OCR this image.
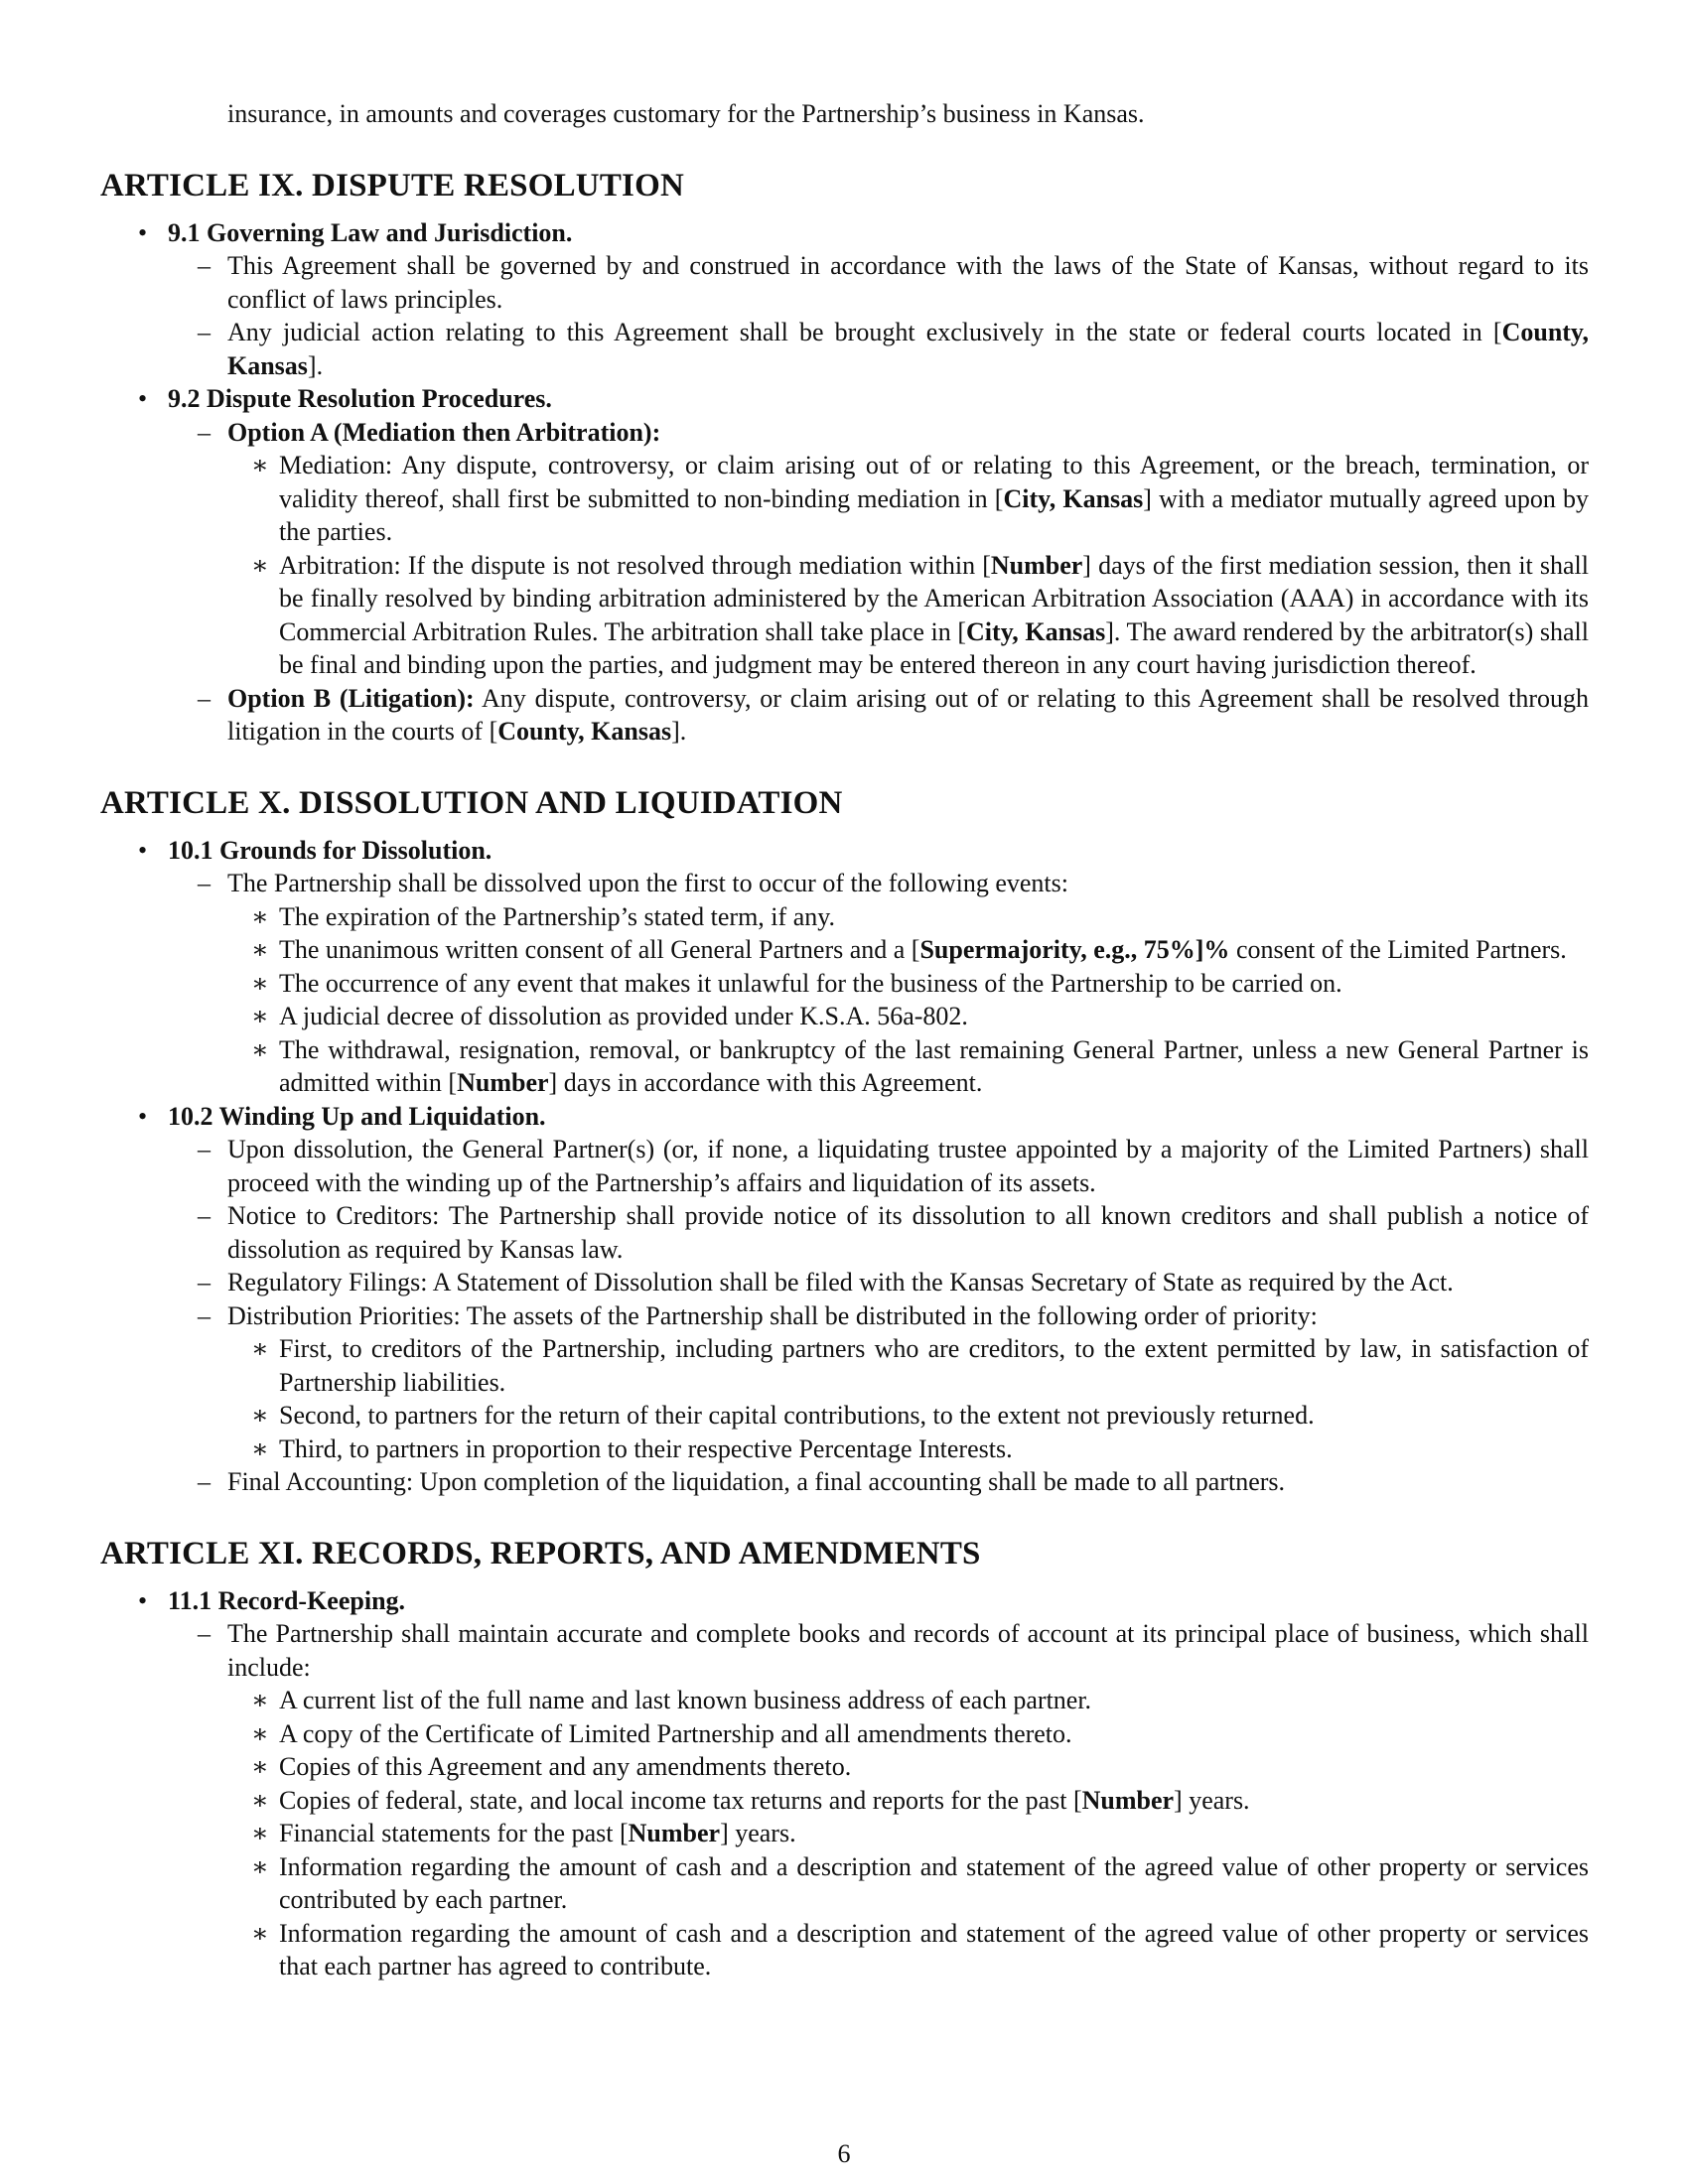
insurance, in amounts and coverages customary for the Partnership’s business in Kansas.

ARTICLE IX. DISPUTE RESOLUTION
• 9.1 Governing Law and Jurisdiction.
– This Agreement shall be governed by and construed in accordance with the laws of the State of Kansas, without regard to its conflict of laws principles.
– Any judicial action relating to this Agreement shall be brought exclusively in the state or federal courts located in [County, Kansas].
• 9.2 Dispute Resolution Procedures.
– Option A (Mediation then Arbitration):
∗ Mediation: Any dispute, controversy, or claim arising out of or relating to this Agreement, or the breach, termination, or validity thereof, shall first be submitted to non-binding mediation in [City, Kansas] with a mediator mutually agreed upon by the parties.
∗ Arbitration: If the dispute is not resolved through mediation within [Number] days of the first mediation session, then it shall be finally resolved by binding arbitration administered by the American Arbitration Association (AAA) in accordance with its Commercial Arbitration Rules. The arbitration shall take place in [City, Kansas]. The award rendered by the arbitrator(s) shall be final and binding upon the parties, and judgment may be entered thereon in any court having jurisdiction thereof.
– Option B (Litigation): Any dispute, controversy, or claim arising out of or relating to this Agreement shall be resolved through litigation in the courts of [County, Kansas].
ARTICLE X. DISSOLUTION AND LIQUIDATION
• 10.1 Grounds for Dissolution.
– The Partnership shall be dissolved upon the first to occur of the following events:
∗ The expiration of the Partnership’s stated term, if any.
∗ The unanimous written consent of all General Partners and a [Supermajority, e.g., 75%]% consent of the Limited Partners.
∗ The occurrence of any event that makes it unlawful for the business of the Partnership to be carried on.
∗ A judicial decree of dissolution as provided under K.S.A. 56a-802.
∗ The withdrawal, resignation, removal, or bankruptcy of the last remaining General Partner, unless a new General Partner is admitted within [Number] days in accordance with this Agreement.
• 10.2 Winding Up and Liquidation.
– Upon dissolution, the General Partner(s) (or, if none, a liquidating trustee appointed by a majority of the Limited Partners) shall proceed with the winding up of the Partnership’s affairs and liquidation of its assets.
– Notice to Creditors: The Partnership shall provide notice of its dissolution to all known creditors and shall publish a notice of dissolution as required by Kansas law.
– Regulatory Filings: A Statement of Dissolution shall be filed with the Kansas Secretary of State as required by the Act.
– Distribution Priorities: The assets of the Partnership shall be distributed in the following order of priority:
∗ First, to creditors of the Partnership, including partners who are creditors, to the extent permitted by law, in satisfaction of Partnership liabilities.
∗ Second, to partners for the return of their capital contributions, to the extent not previously returned.
∗ Third, to partners in proportion to their respective Percentage Interests.
– Final Accounting: Upon completion of the liquidation, a final accounting shall be made to all partners.
ARTICLE XI. RECORDS, REPORTS, AND AMENDMENTS
• 11.1 Record-Keeping.
– The Partnership shall maintain accurate and complete books and records of account at its principal place of business, which shall include:
∗ A current list of the full name and last known business address of each partner.
∗ A copy of the Certificate of Limited Partnership and all amendments thereto.
∗ Copies of this Agreement and any amendments thereto.
∗ Copies of federal, state, and local income tax returns and reports for the past [Number] years.
∗ Financial statements for the past [Number] years.
∗ Information regarding the amount of cash and a description and statement of the agreed value of other property or services contributed by each partner.
∗ Information regarding the amount of cash and a description and statement of the agreed value of other property or services that each partner has agreed to contribute.
6
